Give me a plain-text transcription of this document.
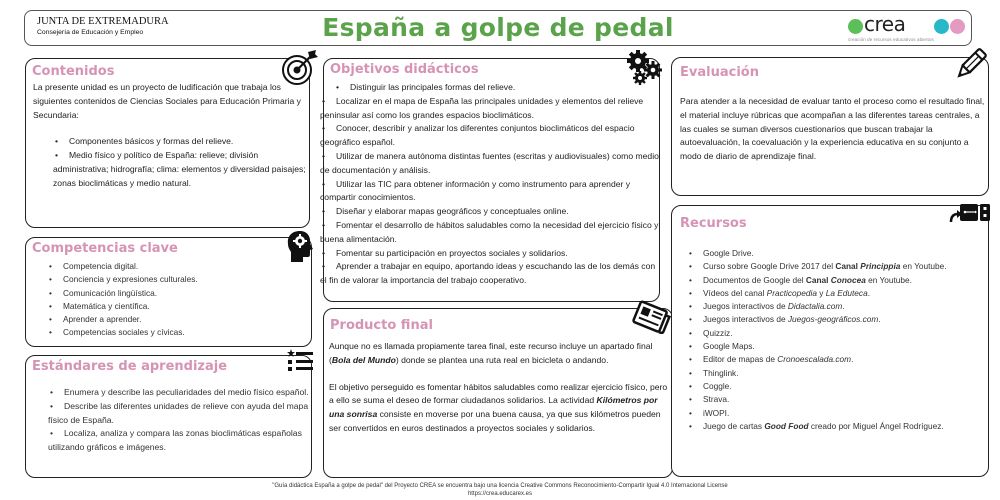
JUNTA DE EXTREMADURA
Consejería de Educación y Empleo	España a golpe de pedal	crea
creación de recursos educativos abiertos
Contenidos

La presente unidad es un proyecto de ludificación que trabaja los siguientes contenidos de Ciencias Sociales para Educación Primaria y Secundaria:

• Componentes básicos y formas del relieve.
• Medio físico y político de España: relieve; división administrativa; hidrografía; clima: elementos y diversidad paisajes; zonas bioclimáticas y medio natural.
Competencias clave
• Competencia digital.
• Conciencia y expresiones culturales.
• Comunicación lingüística.
• Matemática y científica.
• Aprender a aprender.
• Competencias sociales y cívicas.
Estándares de aprendizaje
• Enumera y describe las peculiaridades del medio físico español.
• Describe las diferentes unidades de relieve con ayuda del mapa físico de España.
• Localiza, analiza y compara las zonas bioclimáticas españolas utilizando gráficos e imágenes.
Objetivos didácticos
• Distinguir las principales formas del relieve.
• Localizar en el mapa de España las principales unidades y elementos del relieve peninsular así como los grandes espacios bioclimáticos.
• Conocer, describir y analizar los diferentes conjuntos bioclimáticos del espacio geográfico español.
• Utilizar de manera autónoma distintas fuentes (escritas y audiovisuales) como medio de documentación y análisis.
• Utilizar las TIC para obtener información y como instrumento para aprender y compartir conocimientos.
• Diseñar y elaborar mapas geográficos y conceptuales online.
• Fomentar el desarrollo de hábitos saludables como la necesidad del ejercicio físico y buena alimentación.
• Fomentar su participación en proyectos sociales y solidarios.
• Aprender a trabajar en equipo, aportando ideas y escuchando las de los demás con el fin de valorar la importancia del trabajo cooperativo.
Producto final

Aunque no es llamada propiamente tarea final, este recurso incluye un apartado final (Bola del Mundo) donde se plantea una ruta real en bicicleta o andando.

El objetivo perseguido es fomentar hábitos saludables como realizar ejercicio físico, pero a ello se suma el deseo de formar ciudadanos solidarios. La actividad Kilómetros por una sonrisa consiste en moverse por una buena causa, ya que sus kilómetros pueden ser convertidos en euros destinados a proyectos sociales y solidarios.

Evaluación
Para atender a la necesidad de evaluar tanto el proceso como el resultado final, el material incluye rúbricas que acompañan a las diferentes tareas centrales, a las cuales se suman diversos cuestionarios que buscan trabajar la autoevaluación, la coevaluación y la experiencia educativa en su conjunto a modo de diario de aprendizaje final.
Recursos
• Google Drive.
• Curso sobre Google Drive 2017 del Canal Princippia en Youtube.
• Documentos de Google del Canal Conocea en Youtube.
• Vídeos del canal Practicopedia y La Eduteca.
• Juegos interactivos de Didactalia.com.
• Juegos interactivos de Juegos-geográficos.com.
• Quizziz.
• Google Maps.
• Editor de mapas de Cronoescalada.com.
• Thinglink.
• Coggle.
• Strava.
• iWOPI.
• Juego de cartas Good Food creado por Miguel Ángel Rodríguez.
"Guía didáctica España a golpe de pedal" del Proyecto CREA se encuentra bajo una licencia Creative Commons Reconocimiento-Compartir Igual 4.0 Internacional License
https://crea.educarex.es
